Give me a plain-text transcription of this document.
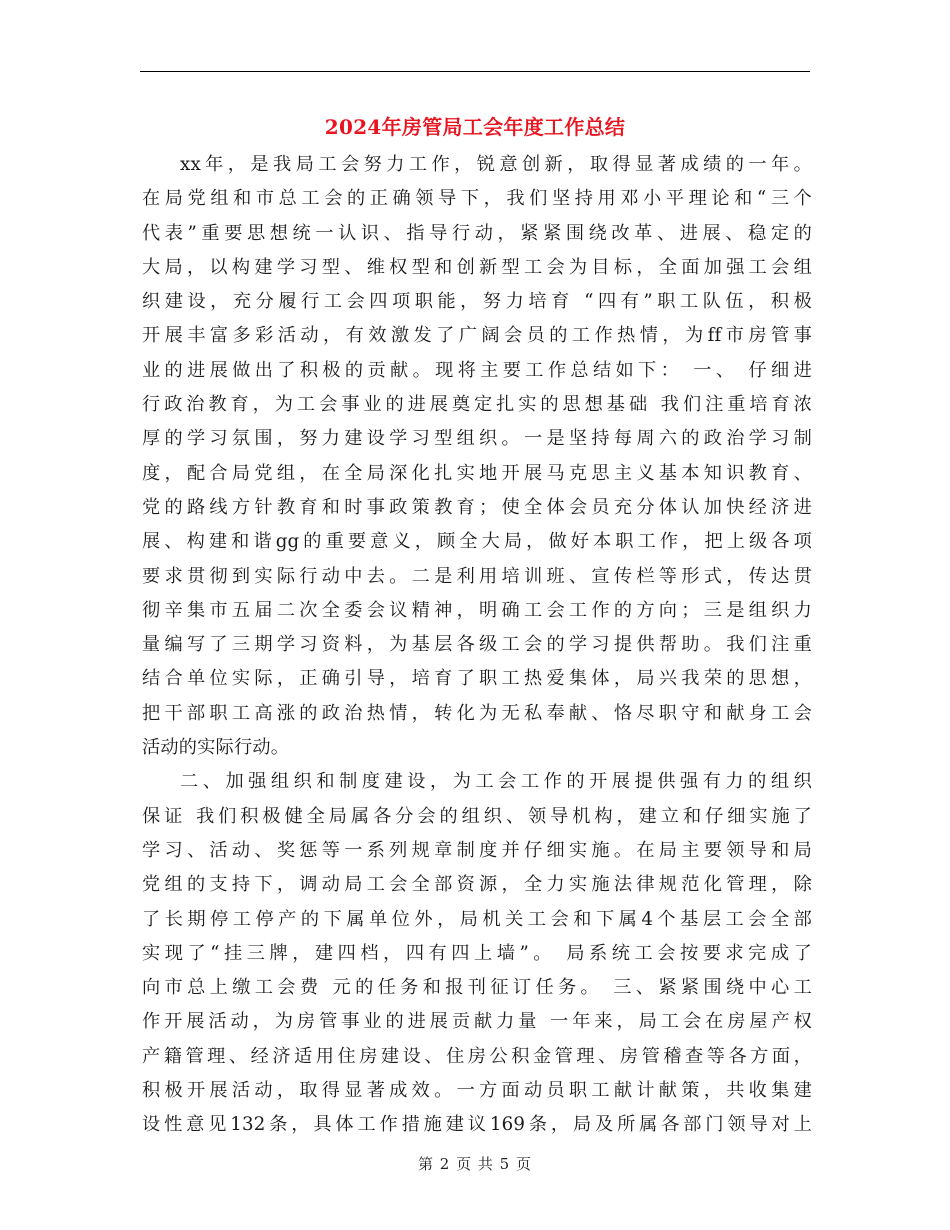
2024年房管局工会年度工作总结
xx年，是我局工会努力工作，锐意创新，取得显著成绩的一年。
在局党组和市总工会的正确领导下，我们坚持用邓小平理论和“三个
代表”重要思想统一认识、指导行动，紧紧围绕改革、进展、稳定的
大局，以构建学习型、维权型和创新型工会为目标，全面加强工会组
织建设，充分履行工会四项职能，努力培育 “四有”职工队伍，积极
开展丰富多彩活动，有效激发了广阔会员的工作热情，为ff市房管事
业的进展做出了积极的贡献。现将主要工作总结如下： 一、 仔细进
行政治教育，为工会事业的进展奠定扎实的思想基础 我们注重培育浓
厚的学习氛围，努力建设学习型组织。一是坚持每周六的政治学习制
度，配合局党组，在全局深化扎实地开展马克思主义基本知识教育、
党的路线方针教育和时事政策教育；使全体会员充分体认加快经济进
展、构建和谐gg的重要意义，顾全大局，做好本职工作，把上级各项
要求贯彻到实际行动中去。二是利用培训班、宣传栏等形式，传达贯
彻辛集市五届二次全委会议精神，明确工会工作的方向；三是组织力
量编写了三期学习资料，为基层各级工会的学习提供帮助。我们注重
结合单位实际，正确引导，培育了职工热爱集体，局兴我荣的思想，
把干部职工高涨的政治热情，转化为无私奉献、恪尽职守和献身工会
活动的实际行动。
二、加强组织和制度建设，为工会工作的开展提供强有力的组织
保证 我们积极健全局属各分会的组织、领导机构，建立和仔细实施了
学习、活动、奖惩等一系列规章制度并仔细实施。在局主要领导和局
党组的支持下，调动局工会全部资源，全力实施法律规范化管理，除
了长期停工停产的下属单位外，局机关工会和下属4个基层工会全部
实现了“挂三牌，建四档，四有四上墙”。 局系统工会按要求完成了
向市总上缴工会费 元的任务和报刊征订任务。 三、紧紧围绕中心工
作开展活动，为房管事业的进展贡献力量 一年来，局工会在房屋产权
产籍管理、经济适用住房建设、住房公积金管理、房管稽查等各方面，
积极开展活动，取得显著成效。一方面动员职工献计献策，共收集建
设性意见132条，具体工作措施建议169条，局及所属各部门领导对上
第 2 页 共 5 页
